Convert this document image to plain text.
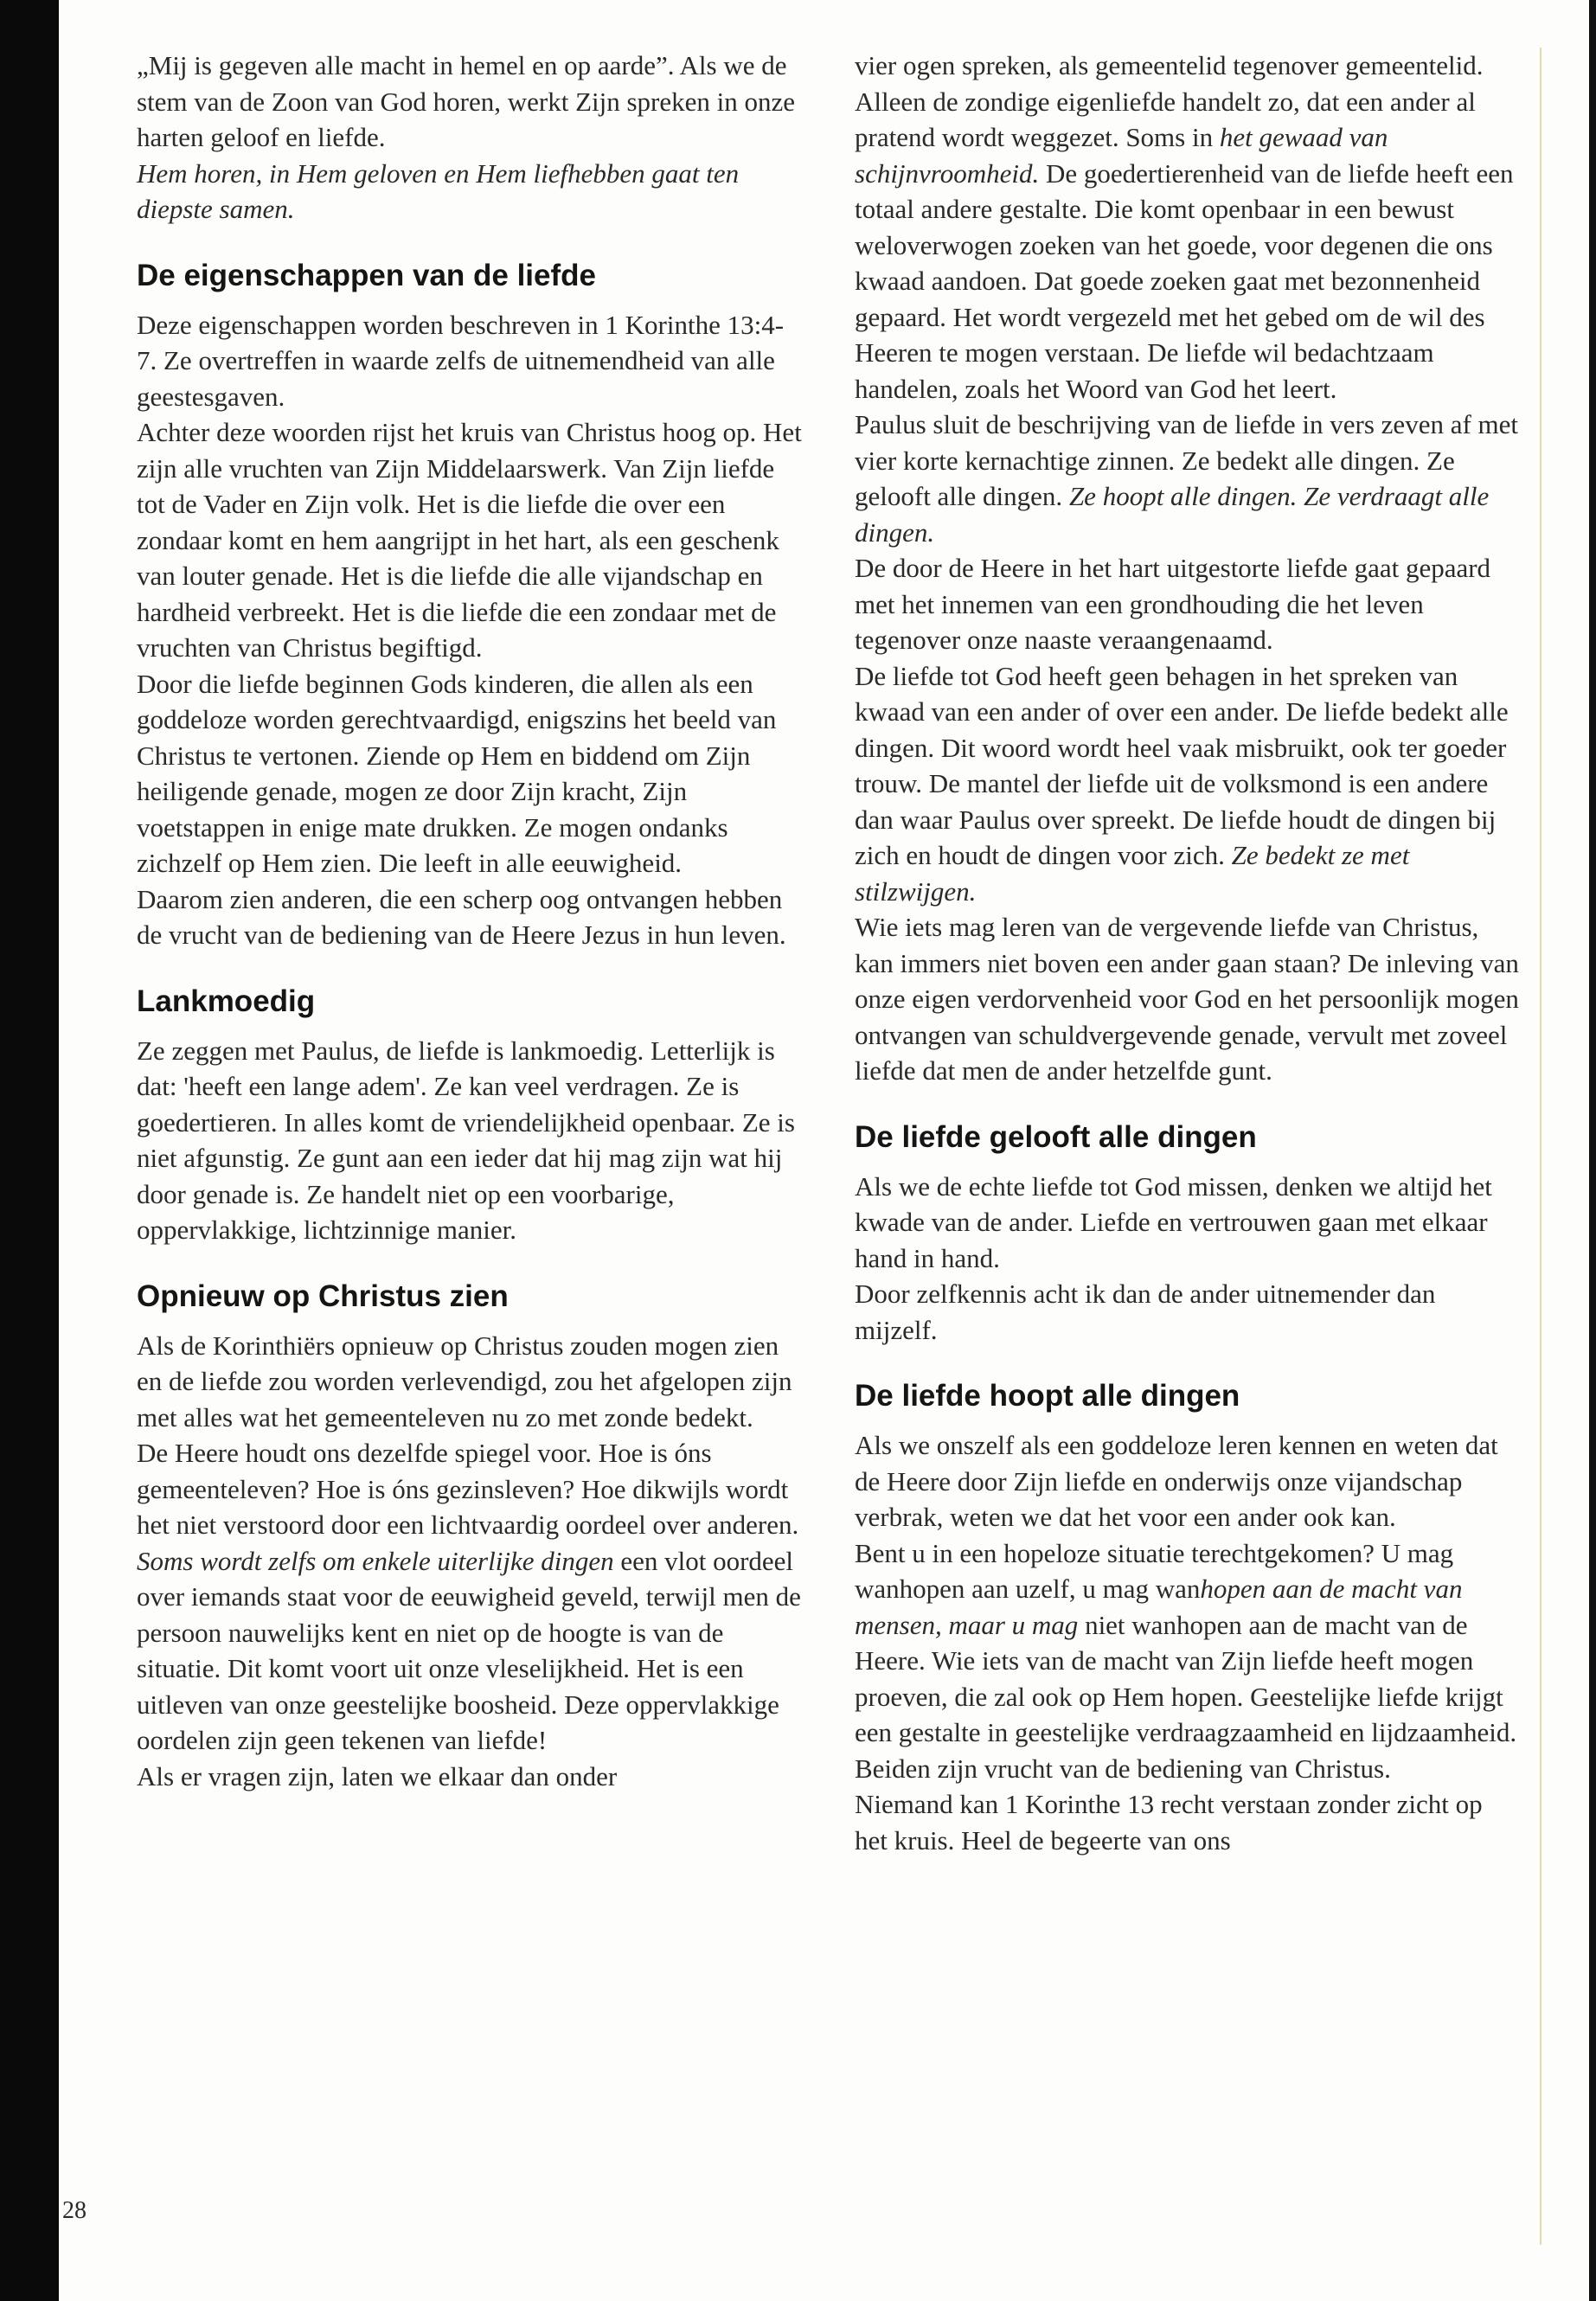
„Mij is gegeven alle macht in hemel en op aarde”. Als we de stem van de Zoon van God horen, werkt Zijn spreken in onze harten geloof en liefde.

Hem horen, in Hem geloven en Hem liefhebben gaat ten diepste samen.

De eigenschappen van de liefde

Deze eigenschappen worden beschreven in 1 Korinthe 13:4-7. Ze overtreffen in waarde zelfs de uitnemendheid van alle geestesgaven.

Achter deze woorden rijst het kruis van Christus hoog op. Het zijn alle vruchten van Zijn Middelaarswerk. Van Zijn liefde tot de Vader en Zijn volk. Het is die liefde die over een zondaar komt en hem aangrijpt in het hart, als een geschenk van louter genade. Het is die liefde die alle vijandschap en hardheid verbreekt. Het is die liefde die een zondaar met de vruchten van Christus begiftigd.

Door die liefde beginnen Gods kinderen, die allen als een goddeloze worden gerechtvaardigd, enigszins het beeld van Christus te vertonen. Ziende op Hem en biddend om Zijn heiligende genade, mogen ze door Zijn kracht, Zijn voetstappen in enige mate drukken. Ze mogen ondanks zichzelf op Hem zien. Die leeft in alle eeuwigheid.

Daarom zien anderen, die een scherp oog ontvangen hebben de vrucht van de bediening van de Heere Jezus in hun leven.

Lankmoedig

Ze zeggen met Paulus, de liefde is lankmoedig. Letterlijk is dat: 'heeft een lange adem'. Ze kan veel verdragen. Ze is goedertieren. In alles komt de vriendelijkheid openbaar. Ze is niet afgunstig. Ze gunt aan een ieder dat hij mag zijn wat hij door genade is. Ze handelt niet op een voorbarige, oppervlakkige, lichtzinnige manier.

Opnieuw op Christus zien

Als de Korinthiërs opnieuw op Christus zouden mogen zien en de liefde zou worden verlevendigd, zou het afgelopen zijn met alles wat het gemeenteleven nu zo met zonde bedekt.

De Heere houdt ons dezelfde spiegel voor. Hoe is óns gemeenteleven? Hoe is óns gezinsleven? Hoe dikwijls wordt het niet verstoord door een lichtvaardig oordeel over anderen.

Soms wordt zelfs om enkele uiterlijke dingen een vlot oordeel over iemands staat voor de eeuwigheid geveld, terwijl men de persoon nauwelijks kent en niet op de hoogte is van de situatie. Dit komt voort uit onze vleselijkheid. Het is een uitleven van onze geestelijke boosheid. Deze oppervlakkige oordelen zijn geen tekenen van liefde!

Als er vragen zijn, laten we elkaar dan onder

vier ogen spreken, als gemeentelid tegenover gemeentelid.

Alleen de zondige eigenliefde handelt zo, dat een ander al pratend wordt weggezet. Soms in het gewaad van schijnvroomheid. De goedertierenheid van de liefde heeft een totaal andere gestalte. Die komt openbaar in een bewust weloverwogen zoeken van het goede, voor degenen die ons kwaad aandoen. Dat goede zoeken gaat met bezonnenheid gepaard. Het wordt vergezeld met het gebed om de wil des Heeren te mogen verstaan. De liefde wil bedachtzaam handelen, zoals het Woord van God het leert.

Paulus sluit de beschrijving van de liefde in vers zeven af met vier korte kernachtige zinnen. Ze bedekt alle dingen. Ze gelooft alle dingen. Ze hoopt alle dingen. Ze verdraagt alle dingen.

De door de Heere in het hart uitgestorte liefde gaat gepaard met het innemen van een grondhouding die het leven tegenover onze naaste veraangenaamd.

De liefde tot God heeft geen behagen in het spreken van kwaad van een ander of over een ander. De liefde bedekt alle dingen. Dit woord wordt heel vaak misbruikt, ook ter goeder trouw. De mantel der liefde uit de volksmond is een andere dan waar Paulus over spreekt. De liefde houdt de dingen bij zich en houdt de dingen voor zich. Ze bedekt ze met stilzwijgen.

Wie iets mag leren van de vergevende liefde van Christus, kan immers niet boven een ander gaan staan? De inleving van onze eigen verdorvenheid voor God en het persoonlijk mogen ontvangen van schuldvergevende genade, vervult met zoveel liefde dat men de ander hetzelfde gunt.

De liefde gelooft alle dingen

Als we de echte liefde tot God missen, denken we altijd het kwade van de ander. Liefde en vertrouwen gaan met elkaar hand in hand.

Door zelfkennis acht ik dan de ander uitnemender dan mijzelf.

De liefde hoopt alle dingen

Als we onszelf als een goddeloze leren kennen en weten dat de Heere door Zijn liefde en onderwijs onze vijandschap verbrak, weten we dat het voor een ander ook kan.

Bent u in een hopeloze situatie terechtgekomen? U mag wanhopen aan uzelf, u mag wanhopen aan de macht van mensen, maar u mag niet wanhopen aan de macht van de Heere. Wie iets van de macht van Zijn liefde heeft mogen proeven, die zal ook op Hem hopen. Geestelijke liefde krijgt een gestalte in geestelijke verdraagzaamheid en lijdzaamheid. Beiden zijn vrucht van de bediening van Christus.

Niemand kan 1 Korinthe 13 recht verstaan zonder zicht op het kruis. Heel de begeerte van ons

28
